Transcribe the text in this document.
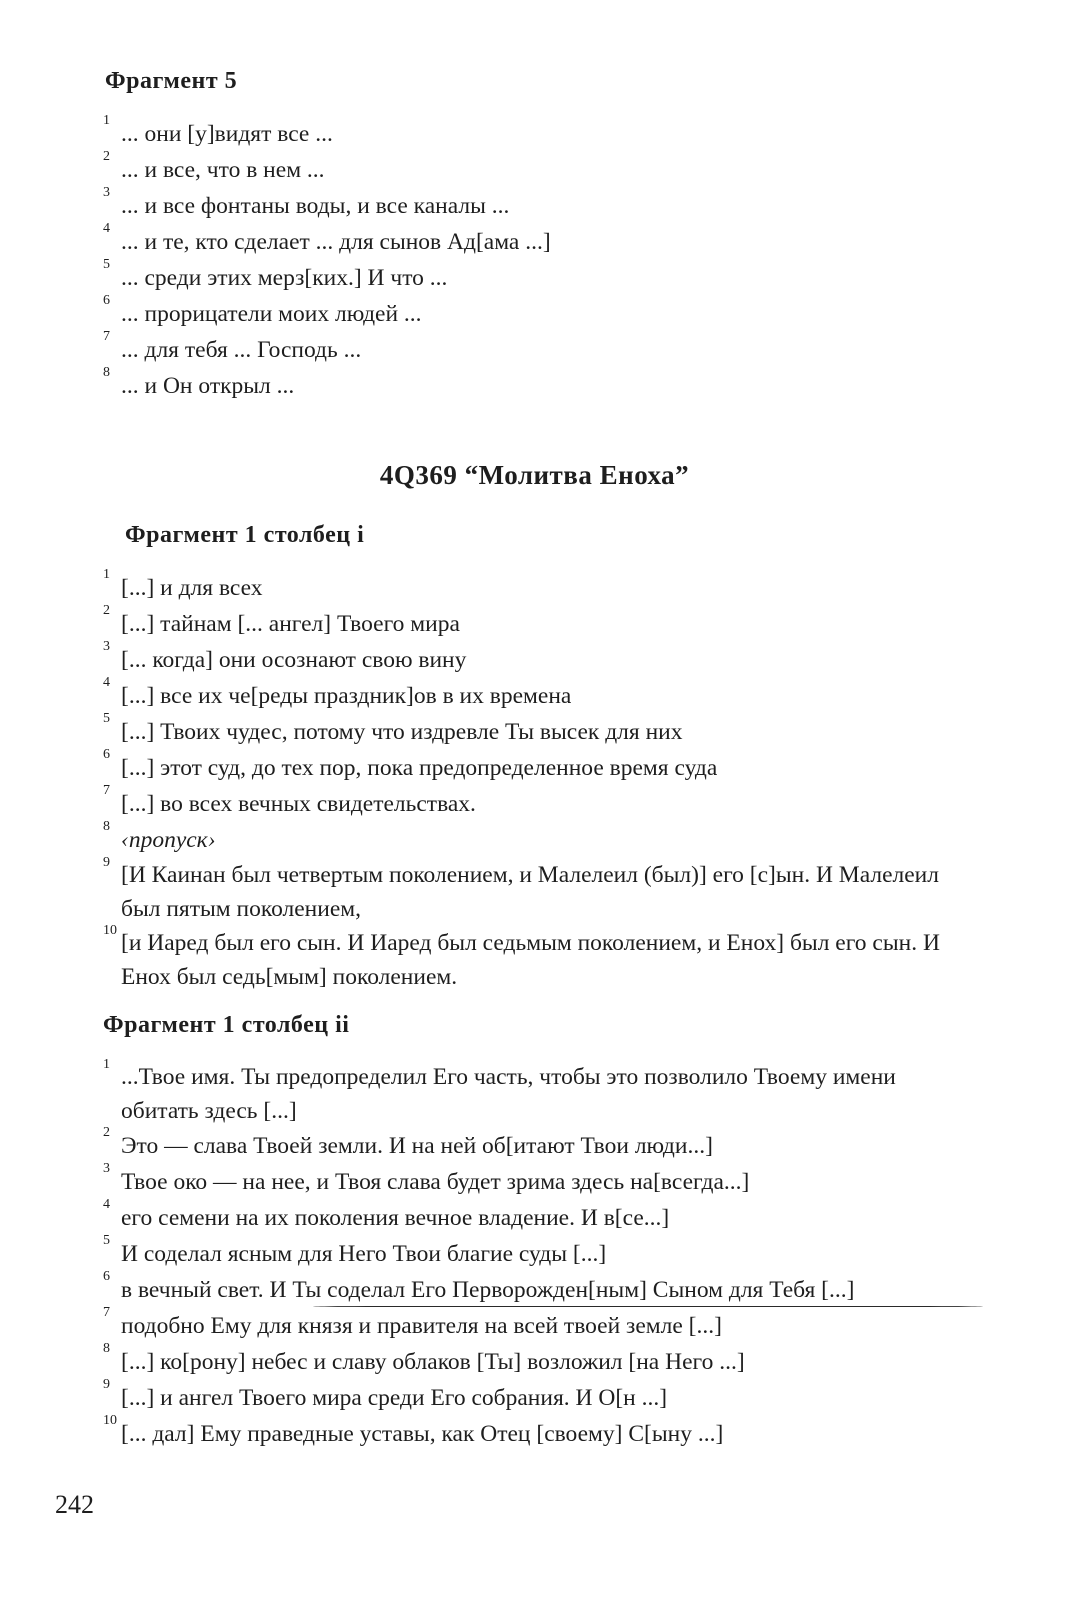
Фрагмент 5
1
... они [у]видят все ...
2
... и все, что в нем ...
3
... и все фонтаны воды, и все каналы ...
4
... и те, кто сделает ... для сынов Ад[ама ...]
5
... среди этих мерз[ких.] И что ...
6
... прорицатели моих людей ...
7
... для тебя ... Господь ...
8
... и Он открыл ...
4Q369 “Молитва Еноха”
Фрагмент 1 столбец i
1
[...] и для всех
2
[...] тайнам [... ангел] Твоего мира
3
[... когда] они осознают свою вину
4
[...] все их че[реды праздник]ов в их времена
5
[...] Твоих чудес, потому что издревле Ты высек для них
6
[...] этот суд, до тех пор, пока предопределенное время суда
7
[...] во всех вечных свидетельствах.
8
‹пропуск›
9 [И Каинан был четвертым поколением, и Малелеил (был)] его [с]ын. И Малелеил был пятым поколением,
10 [и Иаред был его сын. И Иаред был седьмым поколением, и Енох] был его сын. И Енох был седь[мым] поколением.
Фрагмент 1 столбец ii
1 ...Твое имя. Ты предопределил Его часть, чтобы это позволило Твоему имени обитать здесь [...]
2
Это — слава Твоей земли. И на ней об[итают Твои люди...]
3
Твое око — на нее, и Твоя слава будет зрима здесь на[всегда...]
4
его семени на их поколения вечное владение. И в[се...]
5
И соделал ясным для Него Твои благие суды [...]
6
в вечный свет. И Ты соделал Его Перворожден[ным] Сыном для Тебя [...]
7
подобно Ему для князя и правителя на всей твоей земле [...]
8
[...] ко[рону] небес и славу облаков [Ты] возложил [на Него ...]
9
[...] и ангел Твоего мира среди Его собрания. И О[н ...]
10
[... дал] Ему праведные уставы, как Отец [своему] С[ыну ...]

242
